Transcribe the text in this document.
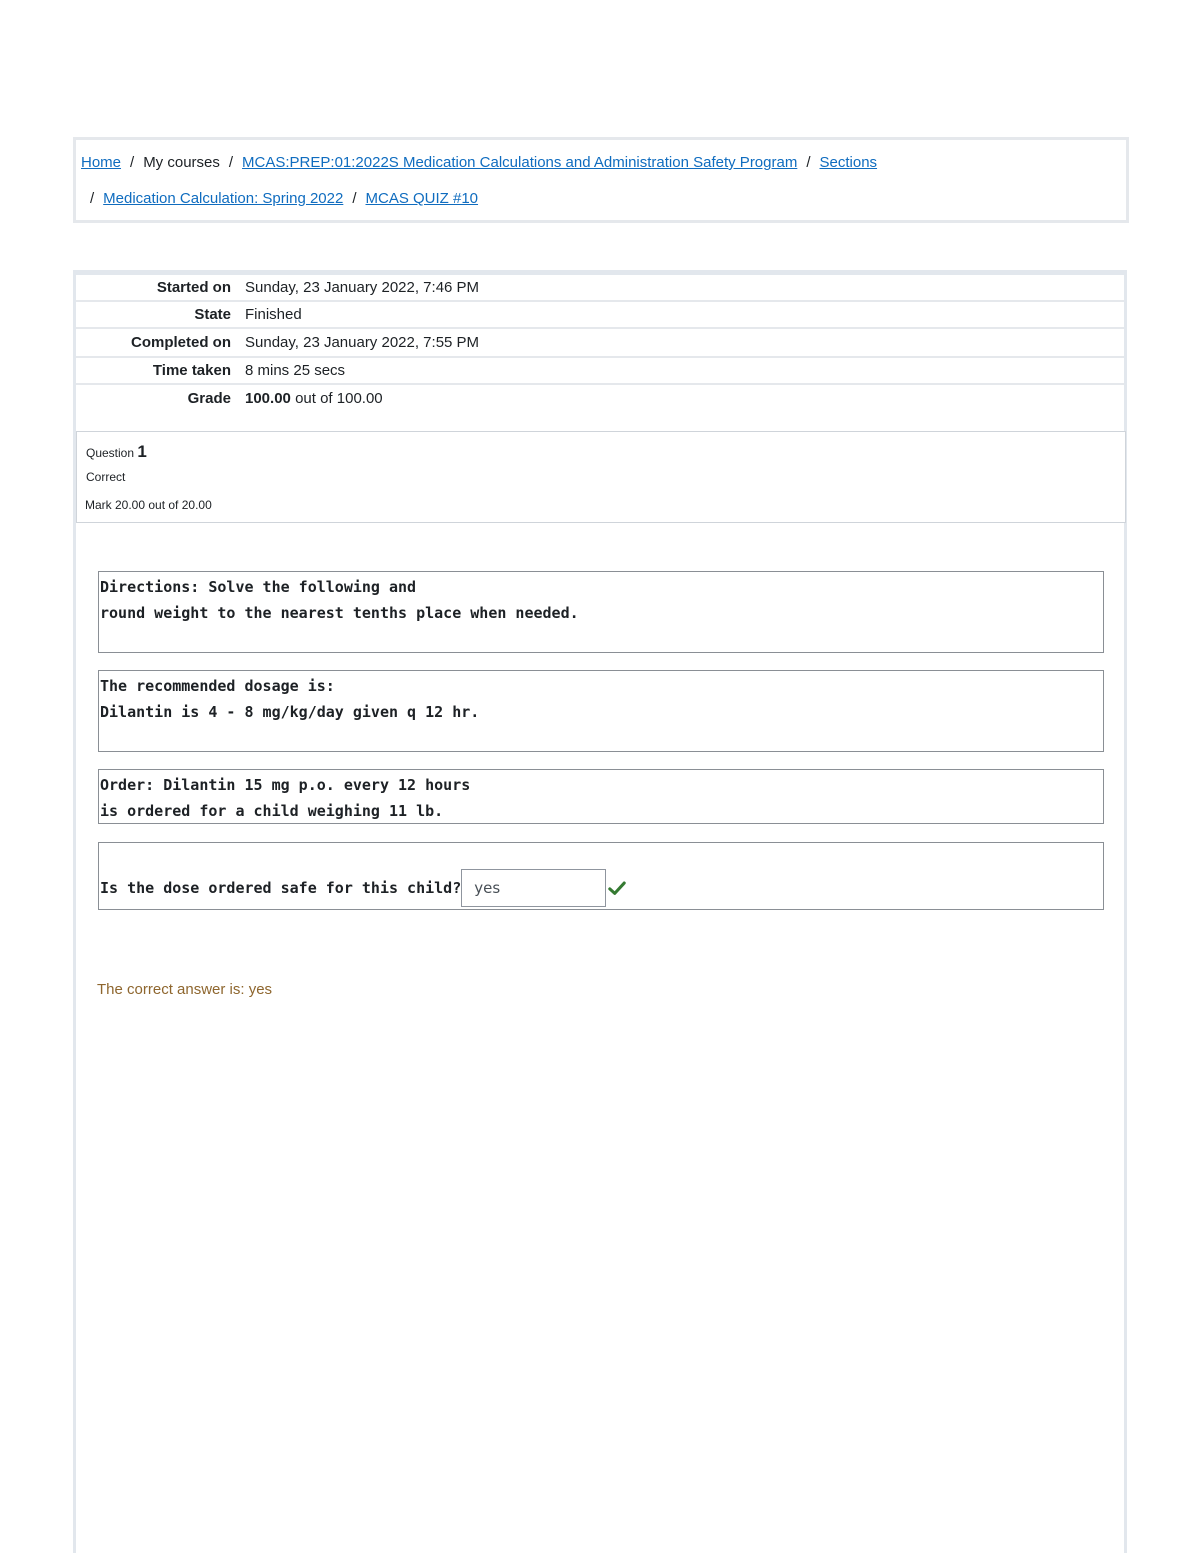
Home / My courses / MCAS:PREP:01:2022S Medication Calculations and Administration Safety Program / Sections
/ Medication Calculation: Spring 2022 / MCAS QUIZ #10
Started on	Sunday, 23 January 2022, 7:46 PM
State	Finished
Completed on	Sunday, 23 January 2022, 7:55 PM
Time taken	8 mins 25 secs
Grade	100.00 out of 100.00
Question 1
Correct
Mark 20.00 out of 20.00
Directions: Solve the following and
round weight to the nearest tenths place when needed.
The recommended dosage is:
Dilantin is 4 - 8 mg/kg/day given q 12 hr.
Order: Dilantin 15 mg p.o. every 12 hours
is ordered for a child weighing 11 lb.
Is the dose ordered safe for this child?
yes
The correct answer is: yes
